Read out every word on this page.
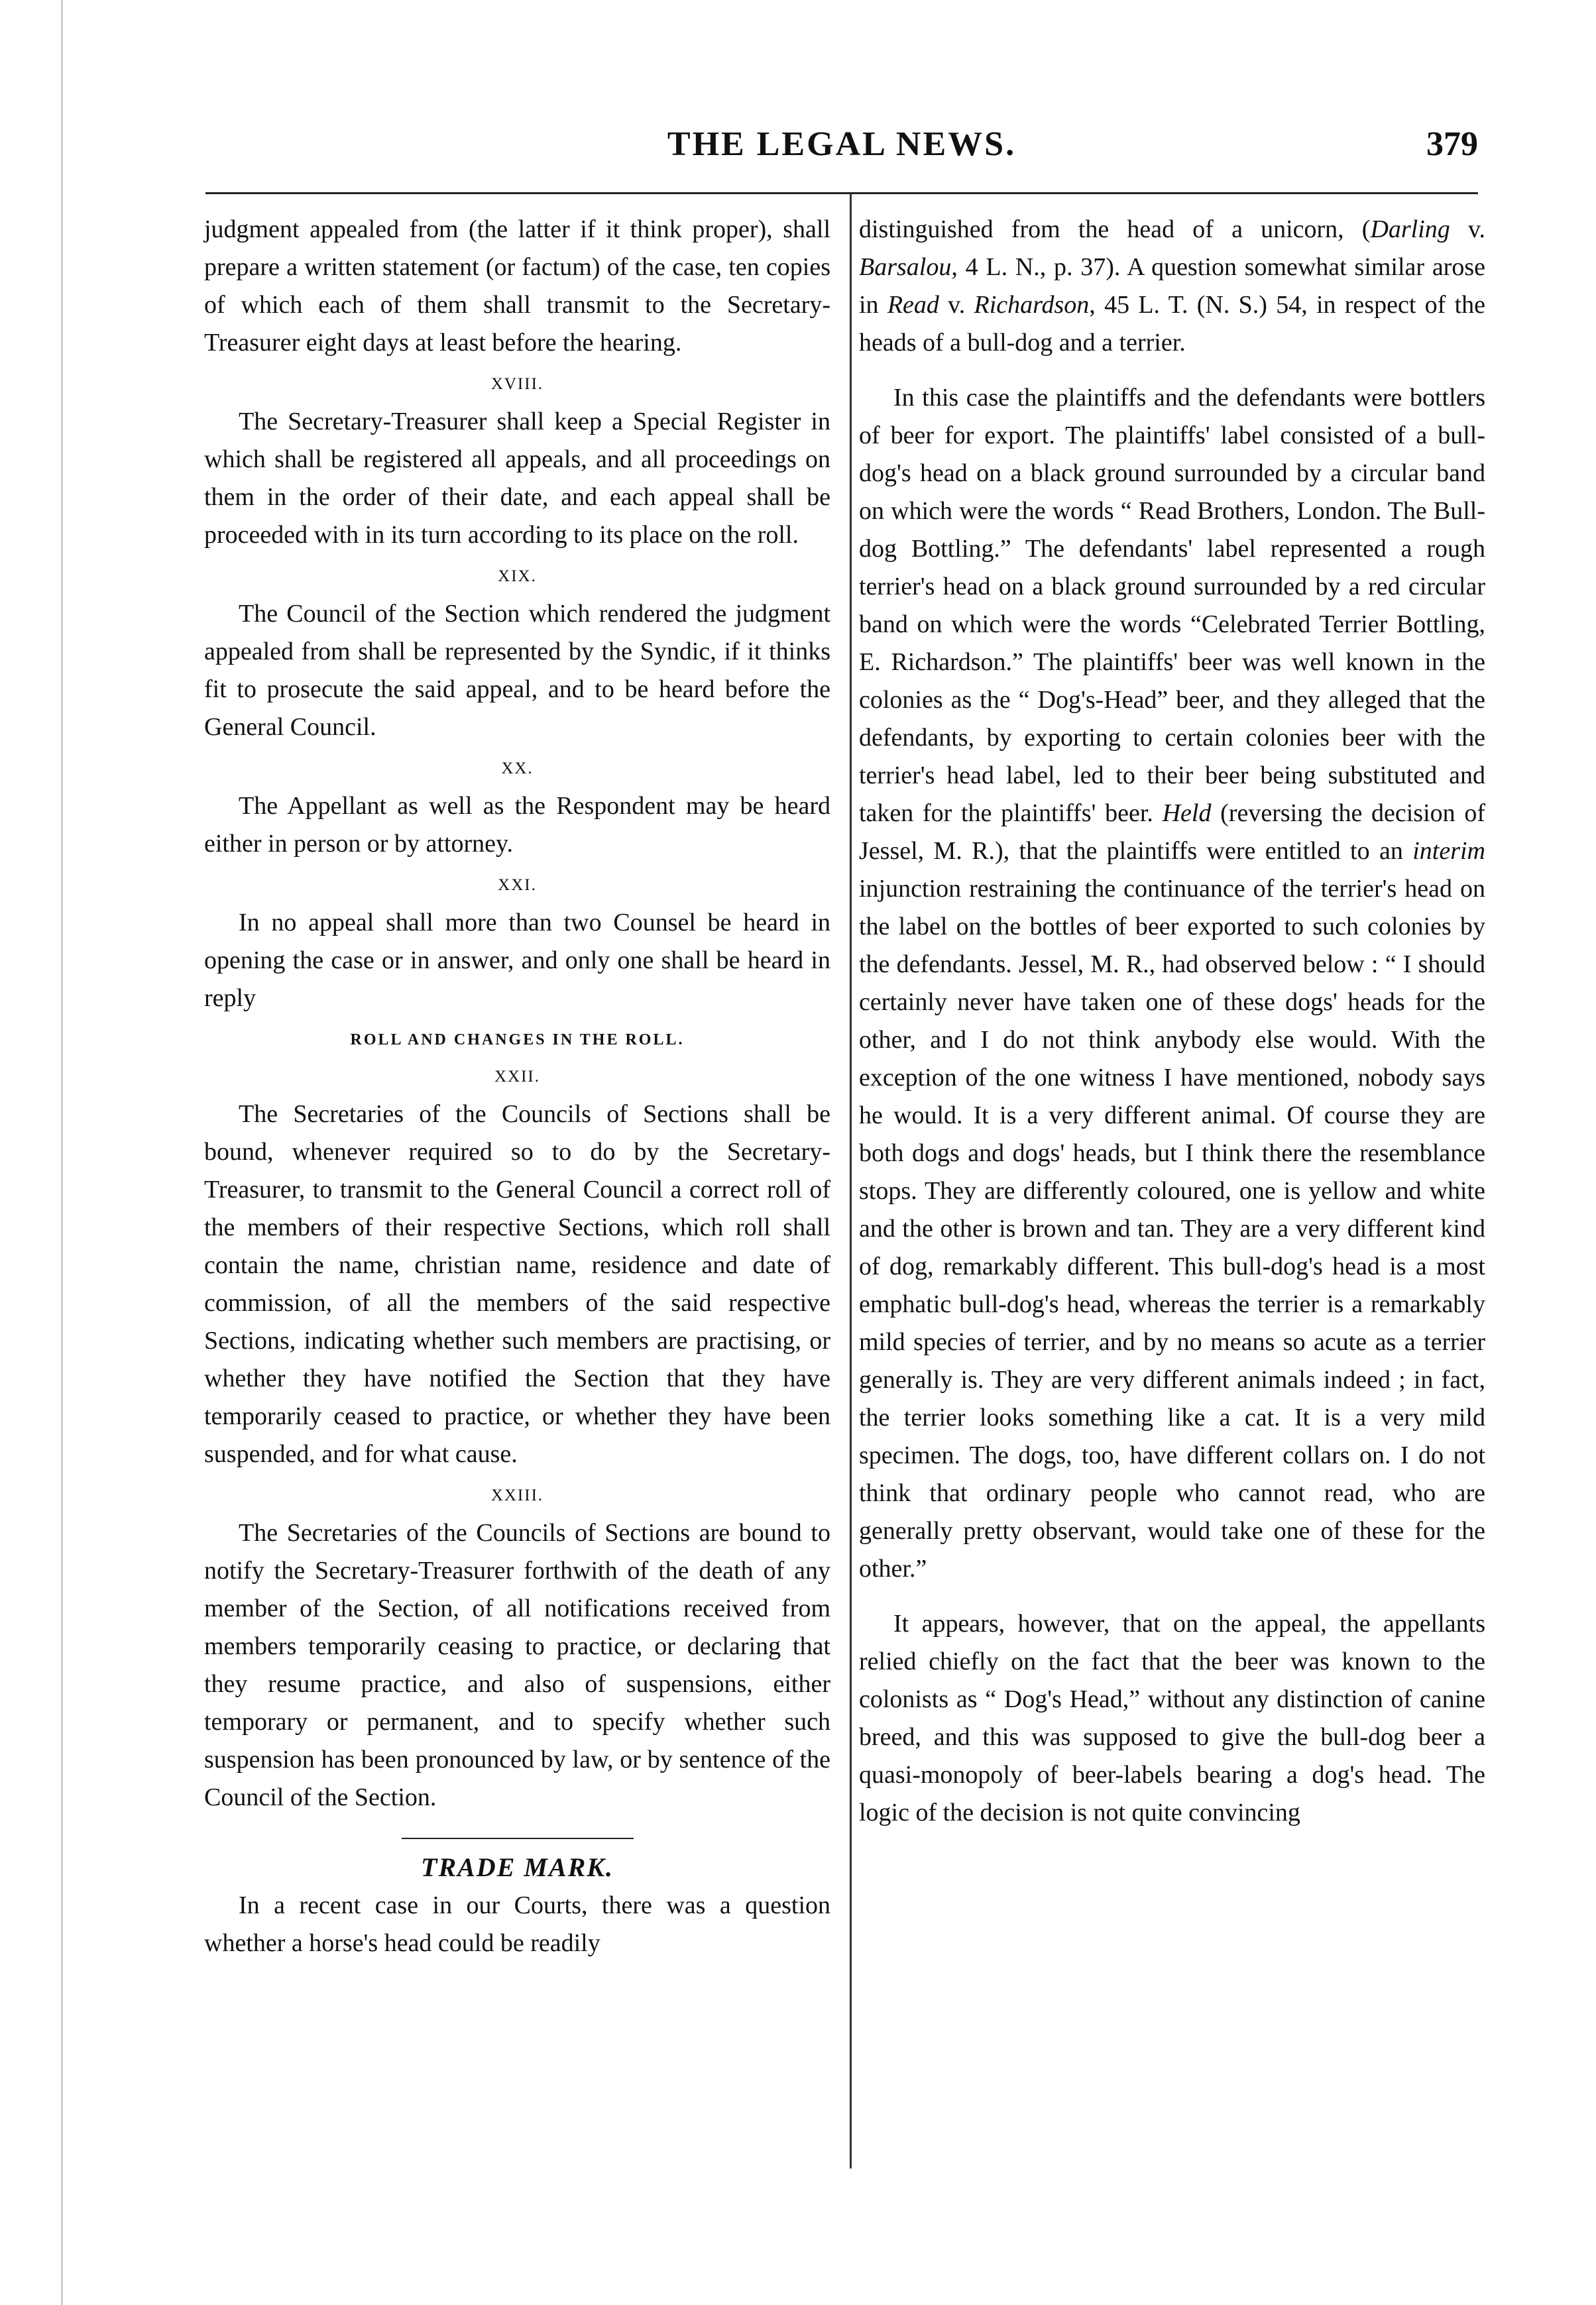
THE LEGAL NEWS.	379

judgment appealed from (the latter if it think proper), shall prepare a written statement (or factum) of the case, ten copies of which each of them shall transmit to the Secretary-Treasurer eight days at least before the hearing.

XVIII.

The Secretary-Treasurer shall keep a Special Register in which shall be registered all appeals, and all proceedings on them in the order of their date, and each appeal shall be proceeded with in its turn according to its place on the roll.

XIX.

The Council of the Section which rendered the judgment appealed from shall be represented by the Syndic, if it thinks fit to prosecute the said appeal, and to be heard before the General Council.

XX.

The Appellant as well as the Respondent may be heard either in person or by attorney.

XXI.

In no appeal shall more than two Counsel be heard in opening the case or in answer, and only one shall be heard in reply

ROLL AND CHANGES IN THE ROLL.
XXII.

The Secretaries of the Councils of Sections shall be bound, whenever required so to do by the Secretary-Treasurer, to transmit to the General Council a correct roll of the members of their respective Sections, which roll shall contain the name, christian name, residence and date of commission, of all the members of the said respective Sections, indicating whether such members are practising, or whether they have notified the Section that they have temporarily ceased to practice, or whether they have been suspended, and for what cause.

XXIII.

The Secretaries of the Councils of Sections are bound to notify the Secretary-Treasurer forthwith of the death of any member of the Section, of all notifications received from members temporarily ceasing to practice, or declaring that they resume practice, and also of suspensions, either temporary or permanent, and to specify whether such suspension has been pronounced by law, or by sentence of the Council of the Section.

TRADE MARK.

In a recent case in our Courts, there was a question whether a horse's head could be readily

distinguished from the head of a unicorn, (Darling v. Barsalou, 4 L. N., p. 37). A question somewhat similar arose in Read v. Richardson, 45 L. T. (N. S.) 54, in respect of the heads of a bull-dog and a terrier.

In this case the plaintiffs and the defendants were bottlers of beer for export. The plaintiffs' label consisted of a bull-dog's head on a black ground surrounded by a circular band on which were the words “ Read Brothers, London. The Bull-dog Bottling.” The defendants' label represented a rough terrier's head on a black ground surrounded by a red circular band on which were the words “Celebrated Terrier Bottling, E. Richardson.” The plaintiffs' beer was well known in the colonies as the “ Dog's-Head” beer, and they alleged that the defendants, by exporting to certain colonies beer with the terrier's head label, led to their beer being substituted and taken for the plaintiffs' beer. Held (reversing the decision of Jessel, M. R.), that the plaintiffs were entitled to an interim injunction restraining the continuance of the terrier's head on the label on the bottles of beer exported to such colonies by the defendants. Jessel, M. R., had observed below : “ I should certainly never have taken one of these dogs' heads for the other, and I do not think anybody else would. With the exception of the one witness I have mentioned, nobody says he would. It is a very different animal. Of course they are both dogs and dogs' heads, but I think there the resemblance stops. They are differently coloured, one is yellow and white and the other is brown and tan. They are a very different kind of dog, remarkably different. This bull-dog's head is a most emphatic bull-dog's head, whereas the terrier is a remarkably mild species of terrier, and by no means so acute as a terrier generally is. They are very different animals indeed ; in fact, the terrier looks something like a cat. It is a very mild specimen. The dogs, too, have different collars on. I do not think that ordinary people who cannot read, who are generally pretty observant, would take one of these for the other.”

It appears, however, that on the appeal, the appellants relied chiefly on the fact that the beer was known to the colonists as “ Dog's Head,” without any distinction of canine breed, and this was supposed to give the bull-dog beer a quasi-monopoly of beer-labels bearing a dog's head. The logic of the decision is not quite convincing
